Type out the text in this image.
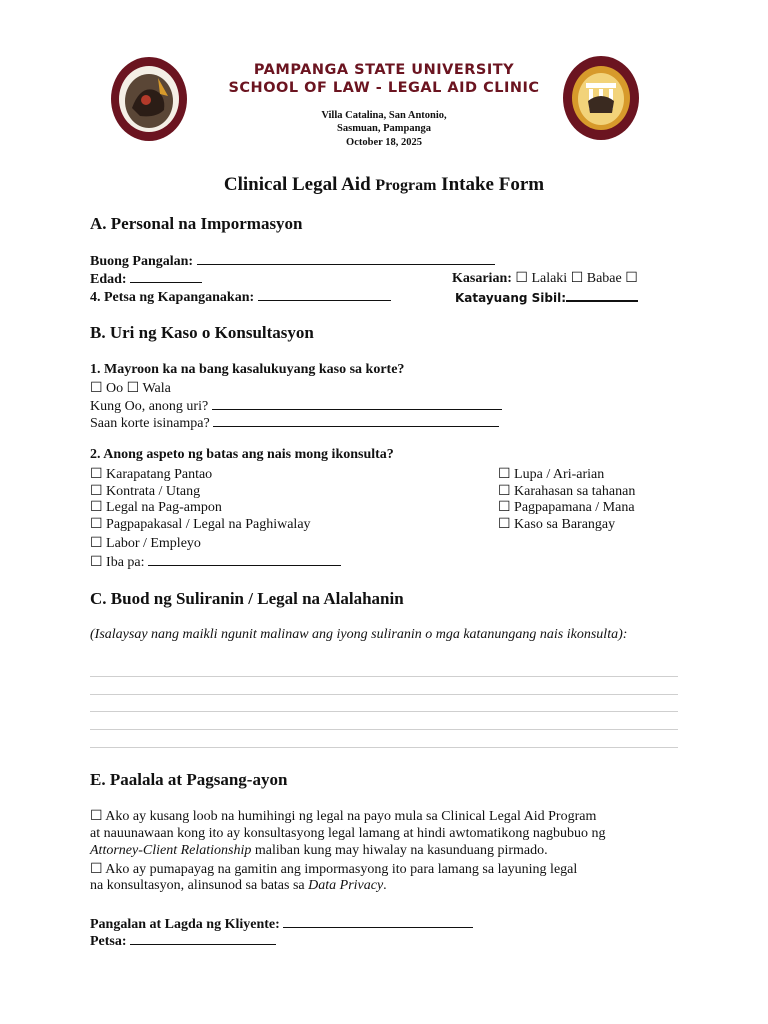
PAMPANGA STATE UNIVERSITY
SCHOOL OF LAW - LEGAL AID CLINIC
Villa Catalina, San Antonio,
Sasmuan, Pampanga
October 18, 2025
Clinical Legal Aid Program Intake Form
A. Personal na Impormasyon
Buong Pangalan:
Edad:	Kasarian: ☐ Lalaki ☐ Babae ☐
4. Petsa ng Kapanganakan:	Katayuang Sibil:
B. Uri ng Kaso o Konsultasyon
1. Mayroon ka na bang kasalukuyang kaso sa korte?
☐ Oo ☐ Wala
Kung Oo, anong uri?
Saan korte isinampa?
2. Anong aspeto ng batas ang nais mong ikonsulta?
☐ Karapatang Pantao
☐ Kontrata / Utang
☐ Legal na Pag-ampon
☐ Pagpapakasal / Legal na Paghiwalay
☐ Labor / Empleyo
☐ Iba pa:
☐ Lupa / Ari-arian
☐ Karahasan sa tahanan
☐ Pagpapamana / Mana
☐ Kaso sa Barangay
C. Buod ng Suliranin / Legal na Alalahanin
(Isalaysay nang maikli ngunit malinaw ang iyong suliranin o mga katanungang nais ikonsulta):
E. Paalala at Pagsang-ayon
☐ Ako ay kusang loob na humihingi ng legal na payo mula sa Clinical Legal Aid Program
at nauunawaan kong ito ay konsultasyong legal lamang at hindi awtomatikong nagbubuo ng
Attorney-Client Relationship maliban kung may hiwalay na kasunduang pirmado.
☐ Ako ay pumapayag na gamitin ang impormasyong ito para lamang sa layuning legal
na konsultasyon, alinsunod sa batas sa Data Privacy.
Pangalan at Lagda ng Kliyente:
Petsa:
